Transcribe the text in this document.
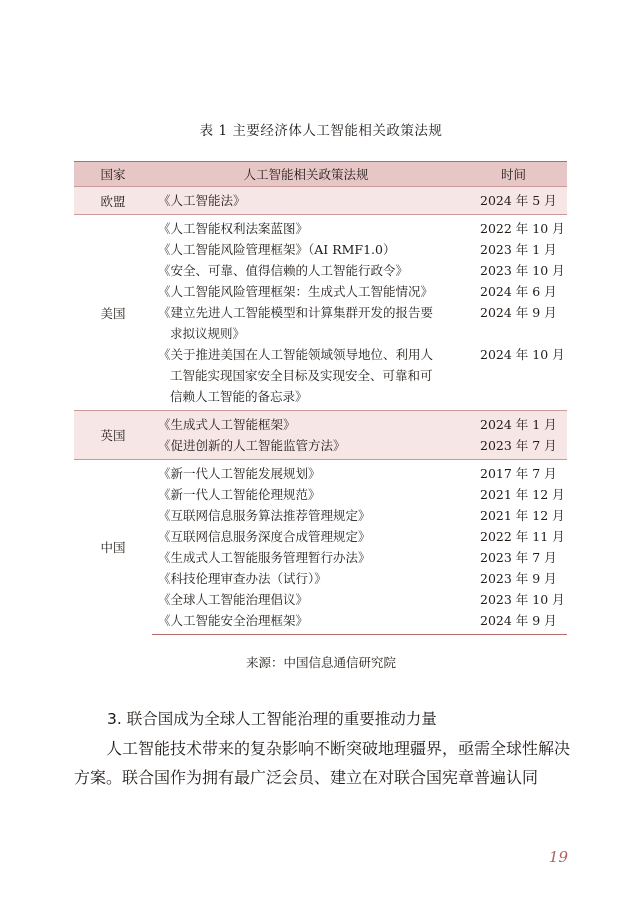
表 1 主要经济体人工智能相关政策法规
国家	人工智能相关政策法规	时间
欧盟	《人工智能法》	2024 年 5 月
美国	《人工智能权利法案蓝图》	2022 年 10 月

	《人工智能风险管理框架》（AI RMF1.0）	2023 年 1 月

	《安全、可靠、值得信赖的人工智能行政令》	2023 年 10 月

	《人工智能风险管理框架：生成式人工智能情况》	2024 年 6 月

	《建立先进人工智能模型和计算集群开发的报告要
求拟议规则》	2024 年 9 月

	《关于推进美国在人工智能领域领导地位、利用人
工智能实现国家安全目标及实现安全、可靠和可
信赖人工智能的备忘录》	2024 年 10 月
英国	《生成式人工智能框架》	2024 年 1 月

	《促进创新的人工智能监管方法》	2023 年 7 月
中国	《新一代人工智能发展规划》	2017 年 7 月

	《新一代人工智能伦理规范》	2021 年 12 月

	《互联网信息服务算法推荐管理规定》	2021 年 12 月

	《互联网信息服务深度合成管理规定》	2022 年 11 月

	《生成式人工智能服务管理暂行办法》	2023 年 7 月

	《科技伦理审查办法（试行）》	2023 年 9 月

	《全球人工智能治理倡议》	2023 年 10 月

	《人工智能安全治理框架》	2024 年 9 月
来源：中国信息通信研究院
3. 联合国成为全球人工智能治理的重要推动力量
人工智能技术带来的复杂影响不断突破地理疆界，亟需全球性解决方案。联合国作为拥有最广泛会员、建立在对联合国宪章普遍认同
19
